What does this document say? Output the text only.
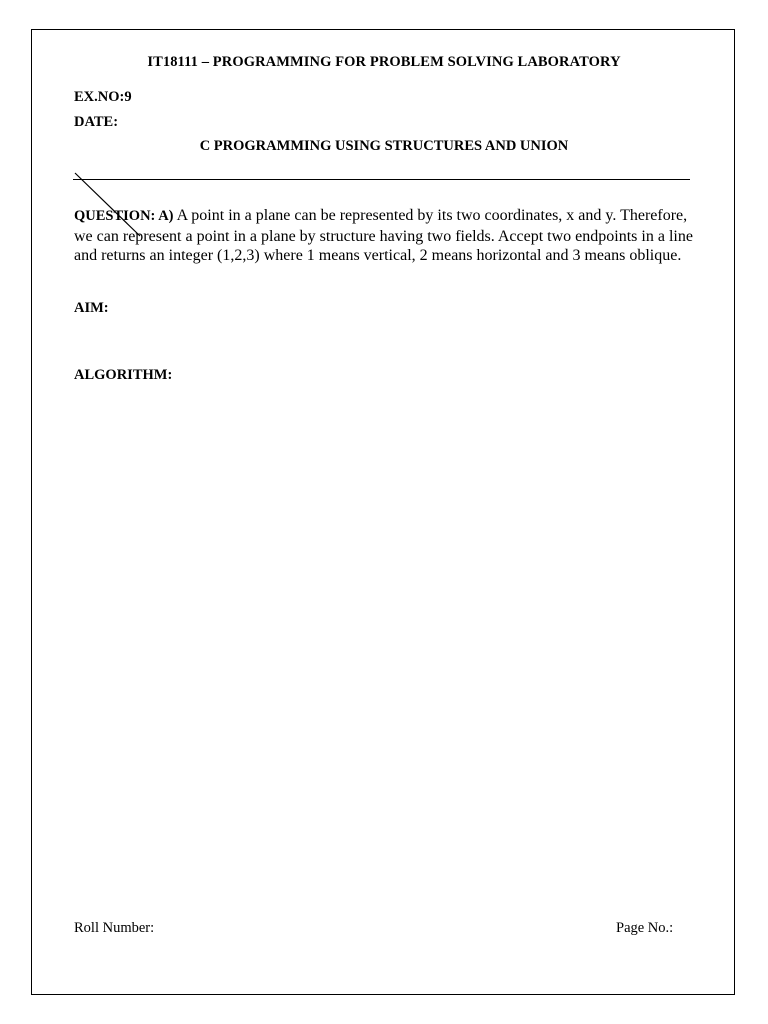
IT18111 – PROGRAMMING FOR PROBLEM SOLVING LABORATORY
EX.NO:9
DATE:
C PROGRAMMING USING STRUCTURES AND UNION
QUESTION: A) A point in a plane can be represented by its two coordinates, x and y. Therefore, we can represent a point in a plane by structure having two fields. Accept two endpoints in a line and returns an integer (1,2,3) where 1 means vertical, 2 means horizontal and 3 means oblique.
AIM:
ALGORITHM:
Roll Number:	Page No.:
